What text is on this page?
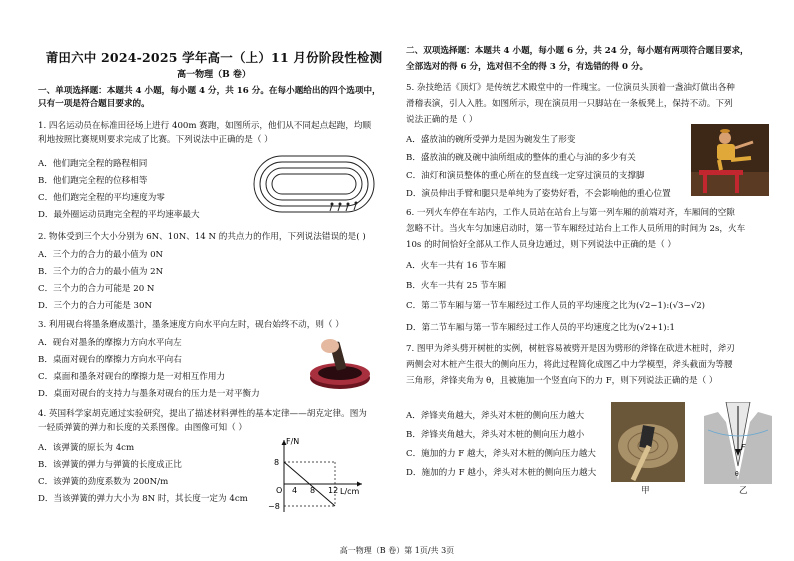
莆田六中 2024-2025 学年高一（上）11 月份阶段性检测
高一物理（B 卷）
一、单项选择题：本题共 4 小题，每小题 4 分，共 16 分。在每小题给出的四个选项中，
只有一项是符合题目要求的。
1. 四名运动员在标准田径场上进行 400m 赛跑，如图所示，他们从不同起点起跑，均顺
利地按照比赛规则要求完成了比赛。下列说法中正确的是（ ）
A．他们跑完全程的路程相同
B．他们跑完全程的位移相等
C．他们跑完全程的平均速度为零
D．最外圈运动员跑完全程的平均速率最大
2. 物体受到三个大小分别为 6N、10N、14 N 的共点力的作用，下列说法错误的是( )
A．三个力的合力的最小值为 0N
B．三个力的合力的最小值为 2N
C．三个力的合力可能是 20 N
D．三个力的合力可能是 30N
3. 利用砚台将墨条磨成墨汁，墨条速度方向水平向左时，砚台始终不动，则（ ）
A．砚台对墨条的摩擦力方向水平向左
B．桌面对砚台的摩擦力方向水平向右
C．桌面和墨条对砚台的摩擦力是一对相互作用力
D．桌面对砚台的支持力与墨条对砚台的压力是一对平衡力
4. 英国科学家胡克通过实验研究，提出了描述材料弹性的基本定律——胡克定律。图为
一轻质弹簧的弹力和长度的关系图像。由图像可知（ ）
A．该弹簧的原长为 4cm
B．该弹簧的弹力与弹簧的长度成正比
C．该弹簧的劲度系数为 200N/m
D．当该弹簧的弹力大小为 8N 时，其长度一定为 4cm
F/N
L/cm
8
−8
O 4 8 12
二、双项选择题：本题共 4 小题，每小题 6 分，共 24 分，每小题有两项符合题目要求，
全部选对的得 6 分，选对但不全的得 3 分，有选错的得 0 分。
5. 杂技绝活《顶灯》是传统艺术殿堂中的一件瑰宝。一位演员头顶着一盏油灯做出各种
滑稽表演，引人入胜。如图所示，现在演员用一只脚站在一条板凳上，保持不动。下列
说法正确的是（ ）
A．盛放油的碗所受弹力是因为碗发生了形变
B．盛放油的碗及碗中油所组成的整体的重心与油的多少有关
C．油灯和演员整体的重心所在的竖直线一定穿过演员的支撑脚
D．演员伸出手臂和腿只是单纯为了姿势好看，不会影响他的重心位置
6. 一列火车停在车站内，工作人员站在站台上与第一列车厢的前端对齐，车厢间的空隙
忽略不计。当火车匀加速启动时，第一节车厢经过站台上工作人员所用的时间为 2s，火车
10s 的时间恰好全部从工作人员身边通过，则下列说法中正确的是（ ）
A．火车一共有 16 节车厢
B．火车一共有 25 节车厢
C．第二节车厢与第一节车厢经过工作人员的平均速度之比为(√2−1):(√3−√2)
D．第二节车厢与第一节车厢经过工作人员的平均速度之比为(√2+1):1
7. 图甲为斧头劈开树桩的实例，树桩容易被劈开是因为劈形的斧锋在砍进木桩时，斧刃
两侧会对木桩产生很大的侧向压力，将此过程简化成图乙中力学模型，斧头截面为等腰
三角形，斧锋夹角为 θ，且被施加一个竖直向下的力 F，则下列说法正确的是（ ）
A．斧锋夹角越大，斧头对木桩的侧向压力越大
B．斧锋夹角越大，斧头对木桩的侧向压力越小
C．施加的力 F 越大，斧头对木桩的侧向压力越大
D．施加的力 F 越小，斧头对木桩的侧向压力越大
甲
F
θ
乙
高一物理（B 卷）第 1页/共 3页
